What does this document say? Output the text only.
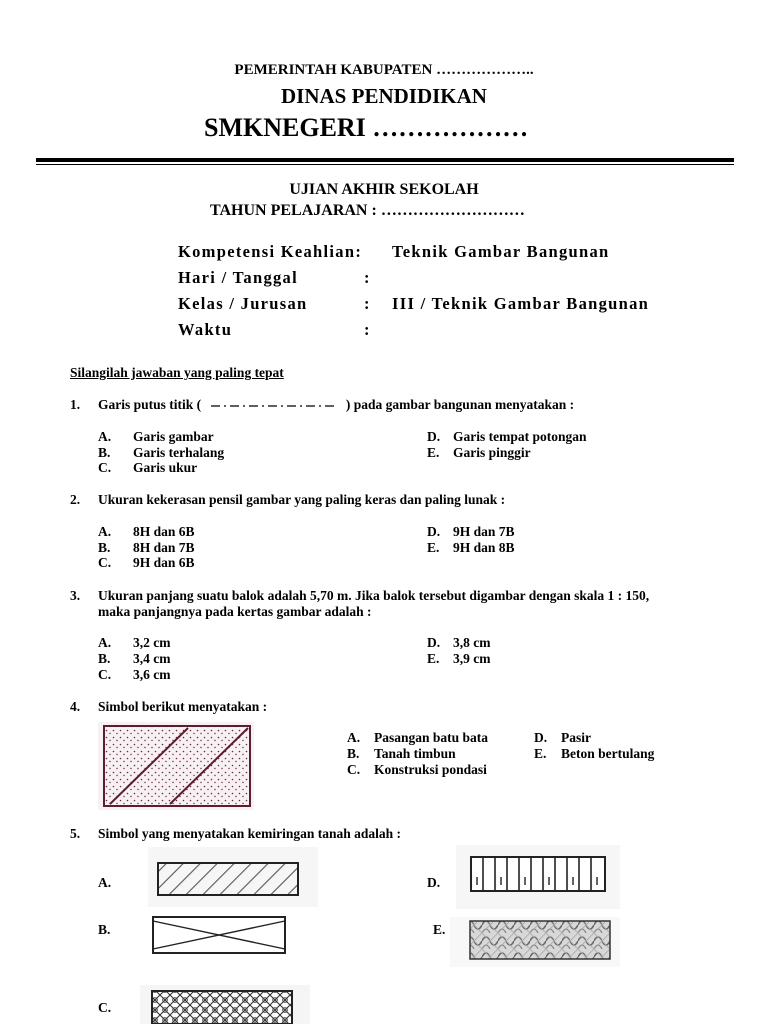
PEMERINTAH KABUPATEN ………………..
DINAS PENDIDIKAN
SMKNEGERI ………………
UJIAN AKHIR SEKOLAH
TAHUN PELAJARAN : ………………………
Kompetensi Keahlian: Teknik Gambar Bangunan
Hari / Tanggal	:
Kelas / Jurusan	: III / Teknik Gambar Bangunan
Waktu	:
Silangilah jawaban yang paling tepat
1. Garis putus titik (	) pada gambar bangunan menyatakan :
A. Garis gambar
B. Garis terhalang
C. Garis ukur
D. Garis tempat potongan
E. Garis pinggir
2. Ukuran kekerasan pensil gambar yang paling keras dan paling lunak :
A. 8H dan 6B
B. 8H dan 7B
C. 9H dan 6B
D. 9H dan 7B
E. 9H dan 8B
3. Ukuran panjang suatu balok adalah 5,70 m. Jika balok tersebut digambar dengan skala 1 : 150,
maka panjangnya pada kertas gambar adalah :
A. 3,2 cm
B. 3,4 cm
C. 3,6 cm
D. 3,8 cm
E. 3,9 cm
4. Simbol berikut menyatakan :
A. Pasangan batu bata
B. Tanah timbun
C. Konstruksi pondasi
D. Pasir
E. Beton bertulang
5. Simbol yang menyatakan kemiringan tanah adalah :
A.	D.
B.	E.
C.
